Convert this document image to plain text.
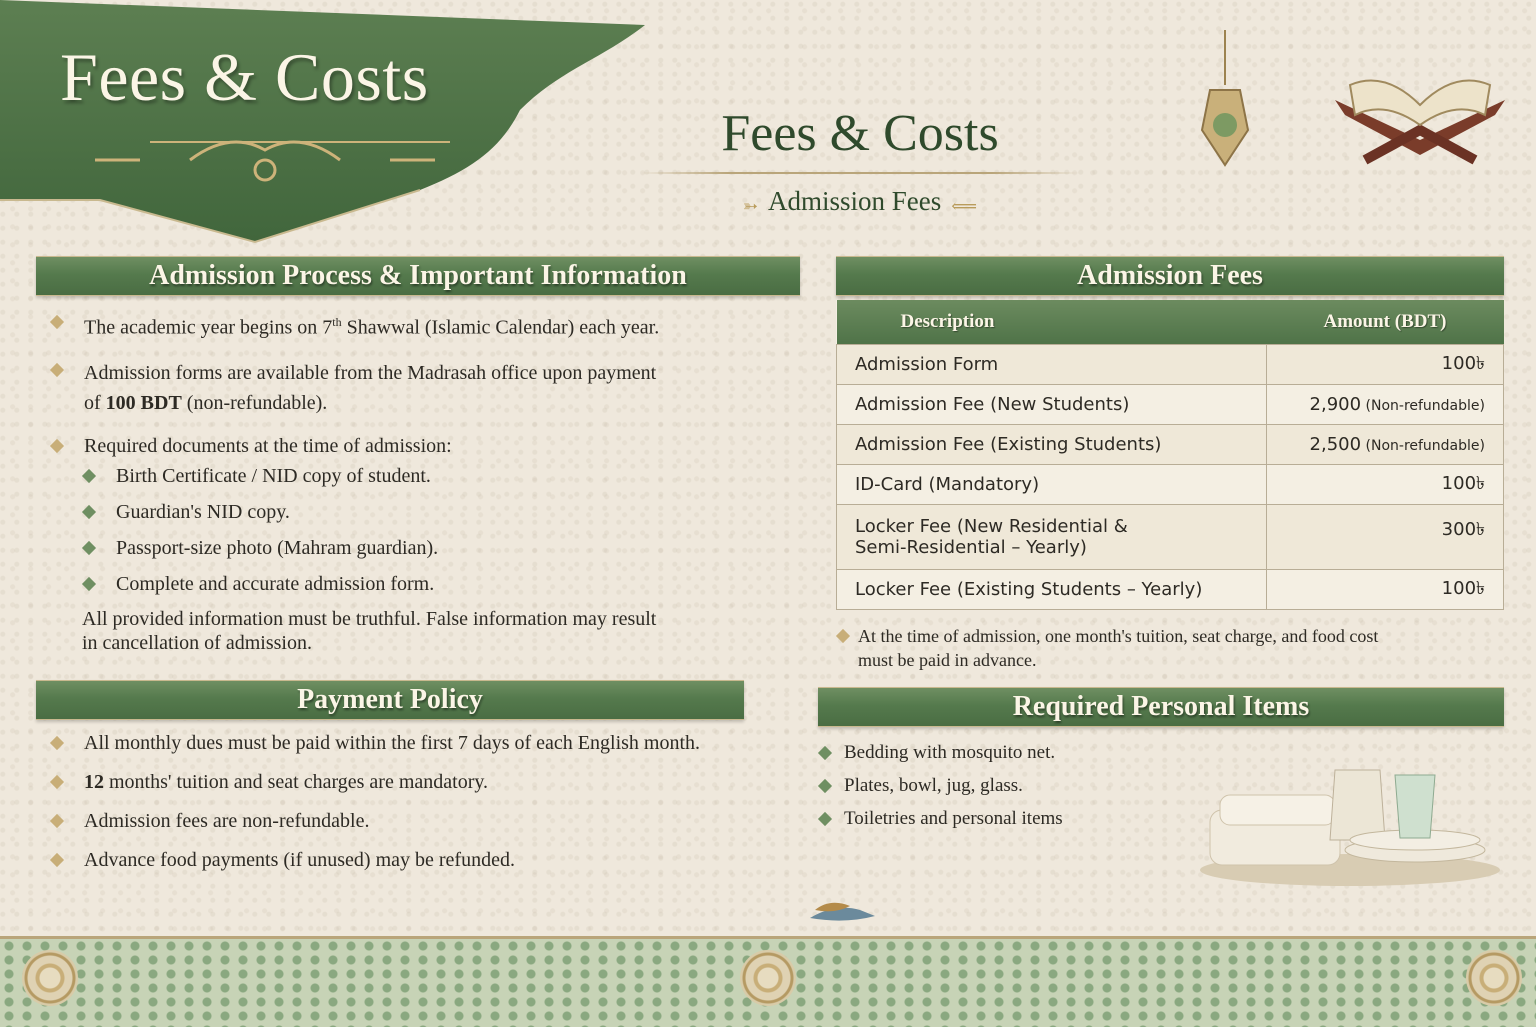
Fees & Costs
Fees & Costs
➳ Admission Fees ⟸
Admission Process & Important Information
The academic year begins on 7th Shawwal (Islamic Calendar) each year.
Admission forms are available from the Madrasah office upon payment
of 100 BDT (non-refundable).
Required documents at the time of admission:
Birth Certificate / NID copy of student.
Guardian's NID copy.
Passport-size photo (Mahram guardian).
Complete and accurate admission form.
All provided information must be truthful. False information may result
in cancellation of admission.
Payment Policy
All monthly dues must be paid within the first 7 days of each English month.
12 months' tuition and seat charges are mandatory.
Admission fees are non-refundable.
Advance food payments (if unused) may be refunded.
Admission Fees
Description	Amount (BDT)
Admission Form	100৳
Admission Fee (New Students)	2,900 (Non-refundable)
Admission Fee (Existing Students)	2,500 (Non-refundable)
ID-Card (Mandatory)	100৳
Locker Fee (New Residential &
Semi-Residential – Yearly)	300৳
Locker Fee (Existing Students – Yearly)	100৳
At the time of admission, one month's tuition, seat charge, and food cost
must be paid in advance.
Required Personal Items
Bedding with mosquito net.
Plates, bowl, jug, glass.
Toiletries and personal items
